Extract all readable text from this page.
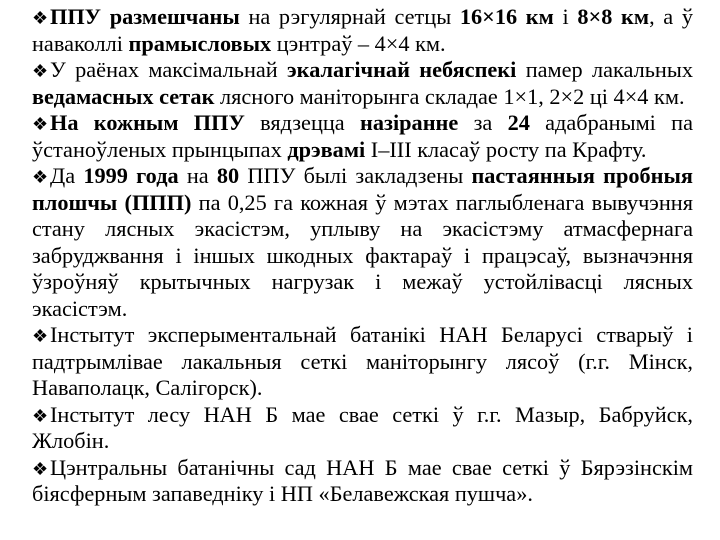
❖ППУ размешчаны на рэгулярнай сетцы 16×16 км і 8×8 км, а ў наваколлі прамысловых цэнтраў – 4×4 км.

❖У раёнах максімальнай экалагічнай небяспекі памер лакальных ведамасных сетак лясного маніторынга складае 1×1, 2×2 ці 4×4 км.

❖На кожным ППУ вядзецца назіранне за 24 адабранымі па ўстаноўленых прынцыпах дрэвамі I–III класаў росту па Крафту.

❖Да 1999 года на 80 ППУ былі закладзены пастаянныя пробныя плошчы (ППП) па 0,25 га кожная ў мэтах паглыбленага вывучэння стану лясных экасістэм, уплыву на экасістэму атмасфернага забруджвання і іншых шкодных фактараў і працэсаў, вызначэння ўзроўняў крытычных нагрузак і межаў устойлівасці лясных экасістэм.

❖Інстытут эксперыментальнай батанікі НАН Беларусі стварыў і падтрымлівае лакальныя сеткі маніторынгу лясоў (г.г. Мінск, Наваполацк, Салігорск).

❖Інстытут лесу НАН Б мае свае сеткі ў г.г. Мазыр, Бабруйск, Жлобін.

❖Цэнтральны батанічны сад НАН Б мае свае сеткі ў Бярэзінскім біясферным запаведніку і НП «Белавежская пушча».
